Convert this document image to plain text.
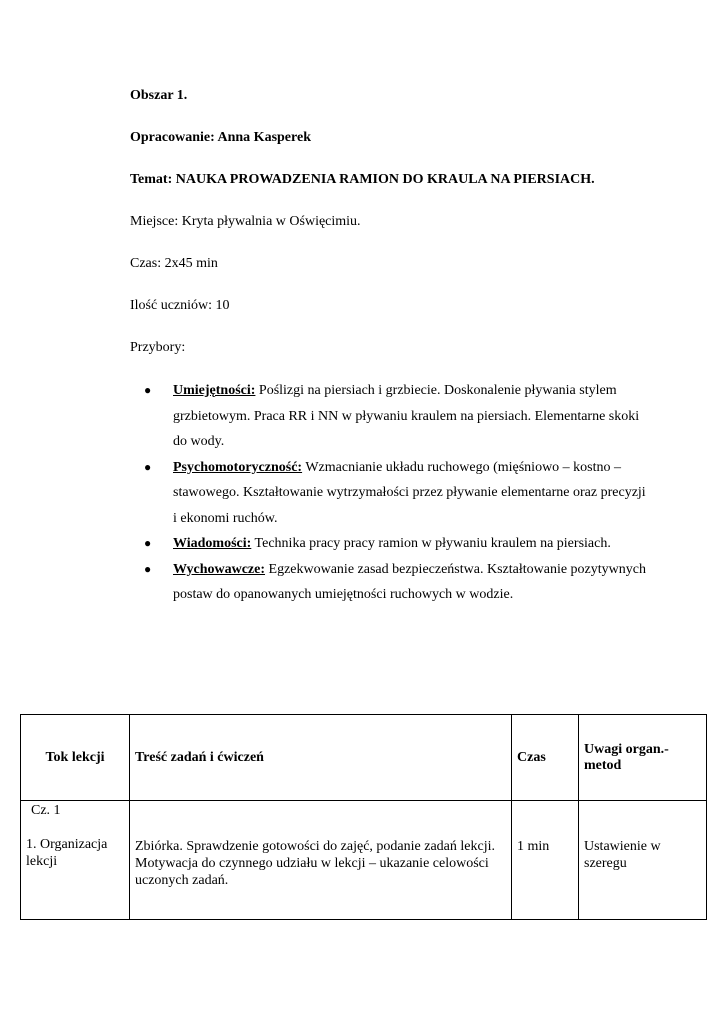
Obszar 1.

Opracowanie: Anna Kasperek

Temat: NAUKA PROWADZENIA RAMION DO KRAULA NA PIERSIACH.

Miejsce: Kryta pływalnia w Oświęcimiu.

Czas: 2x45 min

Ilość uczniów: 10

Przybory:

● Umiejętności: Poślizgi na piersiach i grzbiecie. Doskonalenie pływania stylem grzbietowym. Praca RR i NN w pływaniu kraulem na piersiach. Elementarne skoki do wody.
● Psychomotoryczność: Wzmacnianie układu ruchowego (mięśniowo – kostno – stawowego. Kształtowanie wytrzymałości przez pływanie elementarne oraz precyzji i ekonomi ruchów.
● Wiadomości: Technika pracy pracy ramion w pływaniu kraulem na piersiach.
● Wychowawcze: Egzekwowanie zasad bezpieczeństwa. Kształtowanie pozytywnych postaw do opanowanych umiejętności ruchowych w wodzie.
Tok lekcji	Treść zadań i ćwiczeń	Czas	Uwagi organ.-metod

Cz. 1
1. Organizacja lekcji	Zbiórka. Sprawdzenie gotowości do zajęć, podanie zadań lekcji. Motywacja do czynnego udziału w lekcji – ukazanie celowości uczonych zadań.	1 min	Ustawienie w szeregu
